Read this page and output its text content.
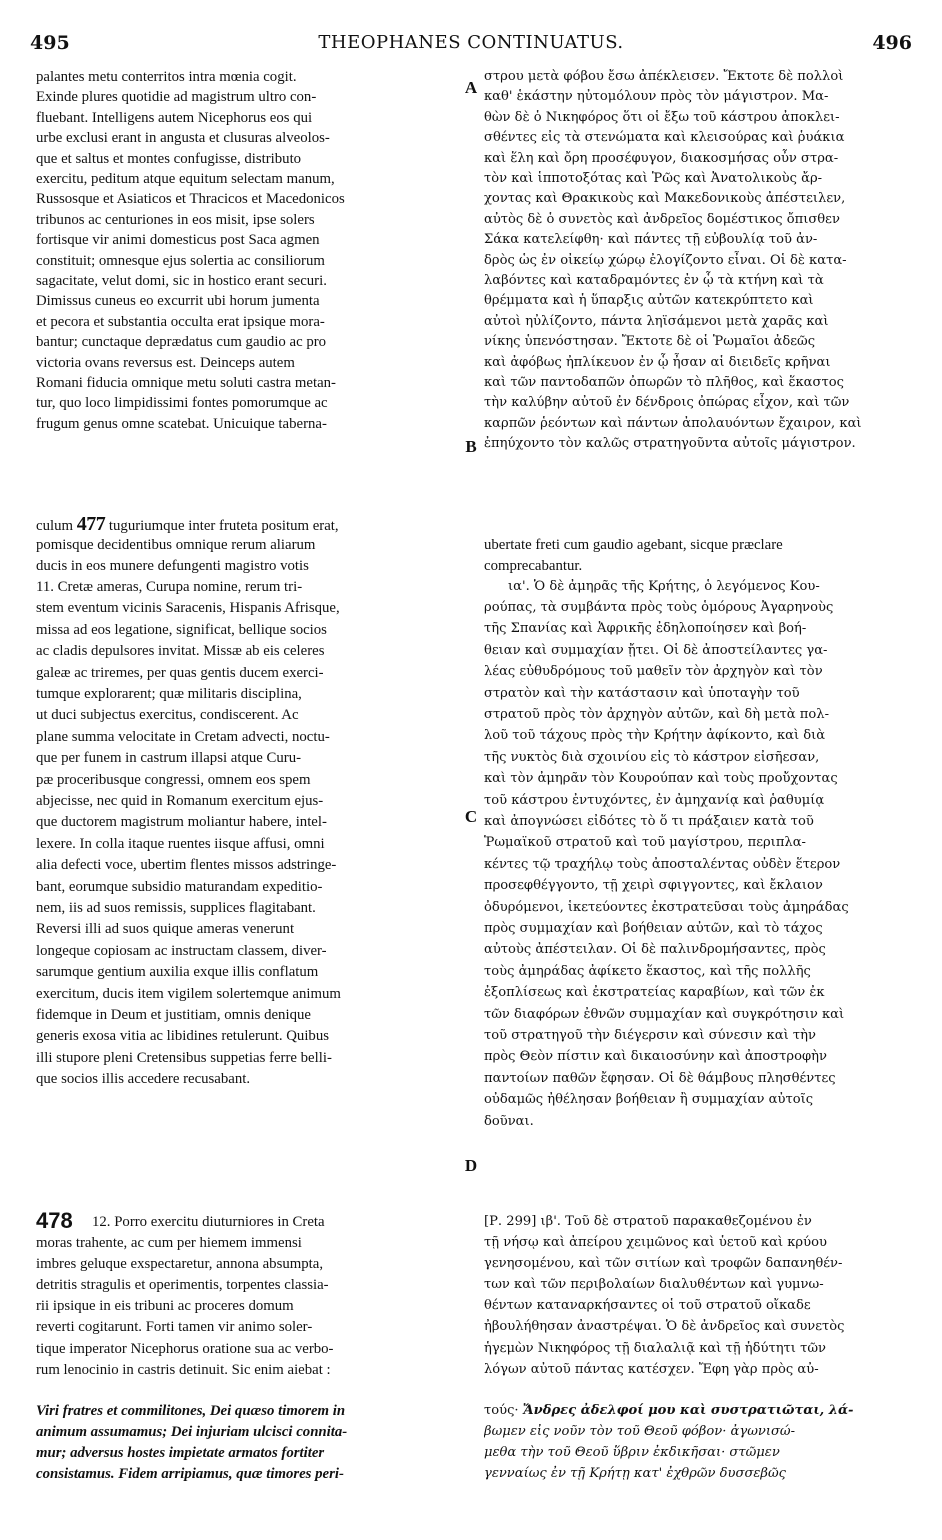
495	THEOPHANES CONTINUATUS.	496
palantes metu conterritos intra mœnia cogit.
Exinde plures quotidie ad magistrum ultro con-
fluebant. Intelligens autem Nicephorus eos qui
urbe exclusi erant in angusta et clusuras alveolos-
que et saltus et montes confugisse, distributo
exercitu, peditum atque equitum selectam manum,
Russosque et Asiaticos et Thracicos et Macedonicos
tribunos ac centuriones in eos misit, ipse solers
fortisque vir animi domesticus post Saca agmen
constituit; omnesque ejus solertia ac consiliorum
sagacitate, velut domi, sic in hostico erant securi.
Dimissus cuneus eo excurrit ubi horum jumenta
et pecora et substantia occulta erat ipsique mora-
bantur; cunctaque deprædatus cum gaudio ac pro
victoria ovans reversus est. Deinceps autem
Romani fiducia omnique metu soluti castra metan-
tur, quo loco limpidissimi fontes pomorumque ac
frugum genus omne scatebat. Unicuique taberna-
στρου μετὰ φόβου ἔσω ἀπέκλεισεν. Ἔκτοτε δὲ πολλοὶ
καθ' ἑκάστην ηὐτομόλουν πρὸς τὸν μάγιστρον. Μα-
θὼν δὲ ὁ Νικηφόρος ὅτι οἱ ἔξω τοῦ κάστρου ἀποκλει-
σθέντες εἰς τὰ στενώματα καὶ κλεισούρας καὶ ῥυάκια
καὶ ἕλη καὶ ὄρη προσέφυγον, διακοσμήσας οὖν στρα-
τὸν καὶ ἱπποτοξότας καὶ Ῥῶς καὶ Ἀνατολικοὺς ἄρ-
χοντας καὶ Θρακικοὺς καὶ Μακεδονικοὺς ἀπέστειλεν,
αὐτὸς δὲ ὁ συνετὸς καὶ ἀνδρεῖος δομέστικος ὄπισθεν
Σάκα κατελείφθη· καὶ πάντες τῇ εὐβουλίᾳ τοῦ ἀν-
δρὸς ὡς ἐν οἰκείῳ χώρῳ ἐλογίζοντο εἶναι. Οἱ δὲ κατα-
λαβόντες καὶ καταδραμόντες ἐν ᾧ τὰ κτήνη καὶ τὰ
θρέμματα καὶ ἡ ὕπαρξις αὐτῶν κατεκρύπτετο καὶ
αὐτοὶ ηὐλίζοντο, πάντα ληϊσάμενοι μετὰ χαρᾶς καὶ
νίκης ὑπενόστησαν. Ἔκτοτε δὲ οἱ Ῥωμαῖοι ἀδεῶς
καὶ ἀφόβως ἠπλίκευον ἐν ᾧ ἦσαν αἱ διειδεῖς κρῆναι
καὶ τῶν παντοδαπῶν ὀπωρῶν τὸ πλῆθος, καὶ ἕκαστος
τὴν καλύβην αὐτοῦ ἐν δένδροις ὀπώρας εἶχον, καὶ τῶν
καρπῶν ῥεόντων καὶ πάντων ἀπολαυόντων ἔχαιρον, καὶ
ἐπηύχοντο τὸν καλῶς στρατηγοῦντα αὐτοῖς μάγιστρον.
culum 477 tuguriumque inter fruteta positum erat,
pomisque decidentibus omnique rerum aliarum
ducis in eos munere defungenti magistro votis
ubertate freti cum gaudio agebant, sicque præclare
comprecabantur.
11. Cretæ ameras, Curupa nomine, rerum tri-
stem eventum vicinis Saracenis, Hispanis Afrisque,
missa ad eos legatione, significat, bellique socios
ac cladis depulsores invitat. Missæ ab eis celeres
galeæ ac triremes, per quas gentis ducem exerci-
tumque explorarent; quæ militaris disciplina,
ut duci subjectus exercitus, condiscerent. Ac
plane summa velocitate in Cretam advecti, noctu-
que per funem in castrum illapsi atque Curu-
pæ proceribusque congressi, omnem eos spem
abjecisse, nec quid in Romanum exercitum ejus-
que ductorem magistrum moliantur habere, intel-
lexere. In colla itaque ruentes iisque affusi, omni
alia defecti voce, ubertim flentes missos adstringe-
bant, eorumque subsidio maturandam expeditio-
nem, iis ad suos remissis, supplices flagitabant.
Reversi illi ad suos quique ameras venerunt
longeque copiosam ac instructam classem, diver-
sarumque gentium auxilia exque illis conflatum
exercitum, ducis item vigilem solertemque animum
fidemque in Deum et justitiam, omnis denique
generis exosa vitia ac libidines retulerunt. Quibus
illi stupore pleni Cretensibus suppetias ferre belli-
que socios illis accedere recusabant.
ια'. Ὁ δὲ ἀμηρᾶς τῆς Κρήτης, ὁ λεγόμενος Κου-
ρούπας, τὰ συμβάντα πρὸς τοὺς ὁμόρους Ἀγαρηνοὺς
τῆς Σπανίας καὶ Ἀφρικῆς ἐδηλοποίησεν καὶ βοή-
θειαν καὶ συμμαχίαν ᾔτει. Οἱ δὲ ἀποστείλαντες γα-
λέας εὐθυδρόμους τοῦ μαθεῖν τὸν ἀρχηγὸν καὶ τὸν
στρατὸν καὶ τὴν κατάστασιν καὶ ὑποταγὴν τοῦ
στρατοῦ πρὸς τὸν ἀρχηγὸν αὐτῶν, καὶ δὴ μετὰ πολ-
λοῦ τοῦ τάχους πρὸς τὴν Κρήτην ἀφίκοντο, καὶ διὰ
τῆς νυκτὸς διὰ σχοινίου εἰς τὸ κάστρον εἰσῆεσαν,
καὶ τὸν ἀμηρᾶν τὸν Κουρούπαν καὶ τοὺς προὔχοντας
τοῦ κάστρου ἐντυχόντες, ἐν ἀμηχανίᾳ καὶ ῥαθυμίᾳ
καὶ ἀπογνώσει εἰδότες τὸ ὅ τι πράξαιεν κατὰ τοῦ
Ῥωμαϊκοῦ στρατοῦ καὶ τοῦ μαγίστρου, περιπλα-
κέντες τῷ τραχήλῳ τοὺς ἀποσταλέντας οὐδὲν ἕτερον
προσεφθέγγοντο, τῇ χειρὶ σφιγγοντες, καὶ ἔκλαιον
ὀδυρόμενοι, ἱκετεύοντες ἐκστρατεῦσαι τοὺς ἀμηράδας
πρὸς συμμαχίαν καὶ βοήθειαν αὐτῶν, καὶ τὸ τάχος
αὐτοὺς ἀπέστειλαν. Οἱ δὲ παλινδρομήσαντες, πρὸς
τοὺς ἀμηράδας ἀφίκετο ἕκαστος, καὶ τῆς πολλῆς
ἐξοπλίσεως καὶ ἐκστρατείας καραβίων, καὶ τῶν ἐκ
τῶν διαφόρων ἐθνῶν συμμαχίαν καὶ συγκρότησιν καὶ
τοῦ στρατηγοῦ τὴν διέγερσιν καὶ σύνεσιν καὶ τὴν
πρὸς Θεὸν πίστιν καὶ δικαιοσύνην καὶ ἀποστροφὴν
παντοίων παθῶν ἔφησαν. Οἱ δὲ θάμβους πλησθέντες
οὐδαμῶς ἠθέλησαν βοήθειαν ἢ συμμαχίαν αὐτοῖς
δοῦναι.
478 12. Porro exercitu diuturniores in Creta
moras trahente, ac cum per hiemem immensi
imbres geluque exspectaretur, annona absumpta,
detritis stragulis et operimentis, torpentes classia-
rii ipsique in eis tribuni ac proceres domum
reverti cogitarunt. Forti tamen vir animo soler-
tique imperator Nicephorus oratione sua ac verbo-
rum lenocinio in castris detinuit. Sic enim aiebat :
Viri fratres et commilitones, Dei quæso timorem in
animum assumamus; Dei injuriam ulcisci connita-
mur; adversus hostes impietate armatos fortiter
consistamus. Fidem arripiamus, quæ timores peri-
[Ρ. 299] ιβ'. Τοῦ δὲ στρατοῦ παρακαθεζομένου ἐν
τῇ νήσῳ καὶ ἀπείρου χειμῶνος καὶ ὑετοῦ καὶ κρύου
γενησομένου, καὶ τῶν σιτίων καὶ τροφῶν δαπανηθέν-
των καὶ τῶν περιβολαίων διαλυθέντων καὶ γυμνω-
θέντων καταναρκήσαντες οἱ τοῦ στρατοῦ οἴκαδε
ἠβουλήθησαν ἀναστρέψαι. Ὁ δὲ ἀνδρεῖος καὶ συνετὸς
ἡγεμὼν Νικηφόρος τῇ διαλαλιᾷ καὶ τῇ ἡδύτητι τῶν
λόγων αὐτοῦ πάντας κατέσχεν. Ἔφη γὰρ πρὸς αὐ-
τούς· Ἄνδρες ἀδελφοί μου καὶ συστρατιῶται, λά-
βωμεν εἰς νοῦν τὸν τοῦ Θεοῦ φόβον· ἀγωνισώ-
μεθα τὴν τοῦ Θεοῦ ὕβριν ἐκδικῆσαι· στῶμεν
γενναίως ἐν τῇ Κρήτῃ κατ' ἐχθρῶν δυσσεβῶς
A
B
C
D
